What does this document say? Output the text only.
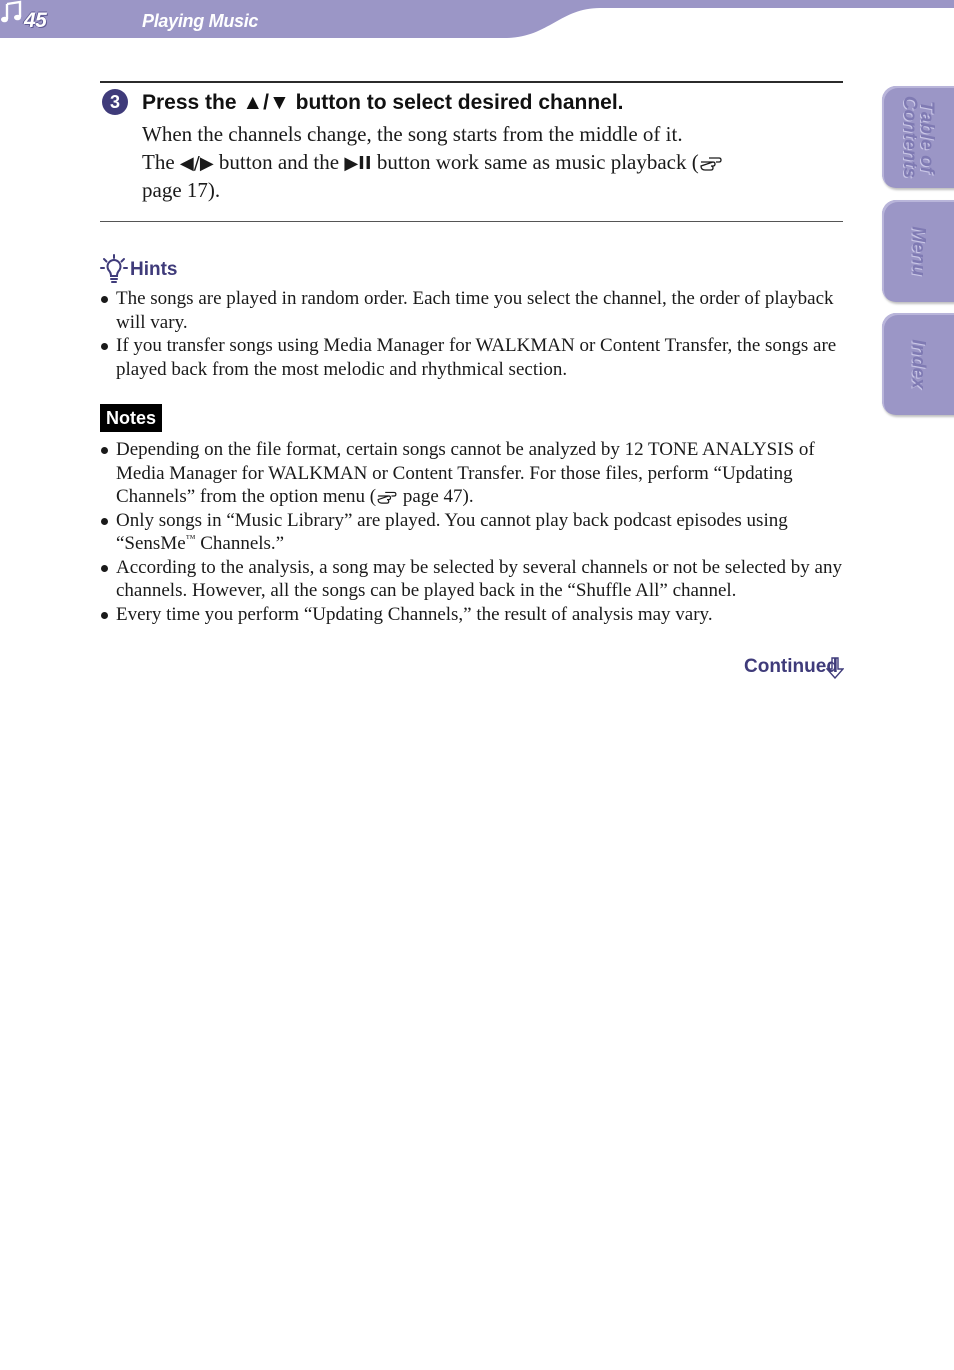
45	Playing Music
Table of
Contents
Menu
Index
3	Press the ▲/▼ button to select desired channel.

When the channels change, the song starts from the middle of it.

The ◀/▶ button and the ▶II button work same as music playback (

page 17).

Hints
The songs are played in random order. Each time you select the channel, the order of playback will vary.
If you transfer songs using Media Manager for WALKMAN or Content Transfer, the songs are played back from the most melodic and rhythmical section.
Notes
Depending on the file format, certain songs cannot be analyzed by 12 TONE ANALYSIS of Media Manager for WALKMAN or Content Transfer. For those files, perform “Updating Channels” from the option menu ( page 47).
Only songs in “Music Library” are played. You cannot play back podcast episodes using “SensMe™ Channels.”
According to the analysis, a song may be selected by several channels or not be selected by any channels. However, all the songs can be played back in the “Shuffle All” channel.
Every time you perform “Updating Channels,” the result of analysis may vary.
Continued
